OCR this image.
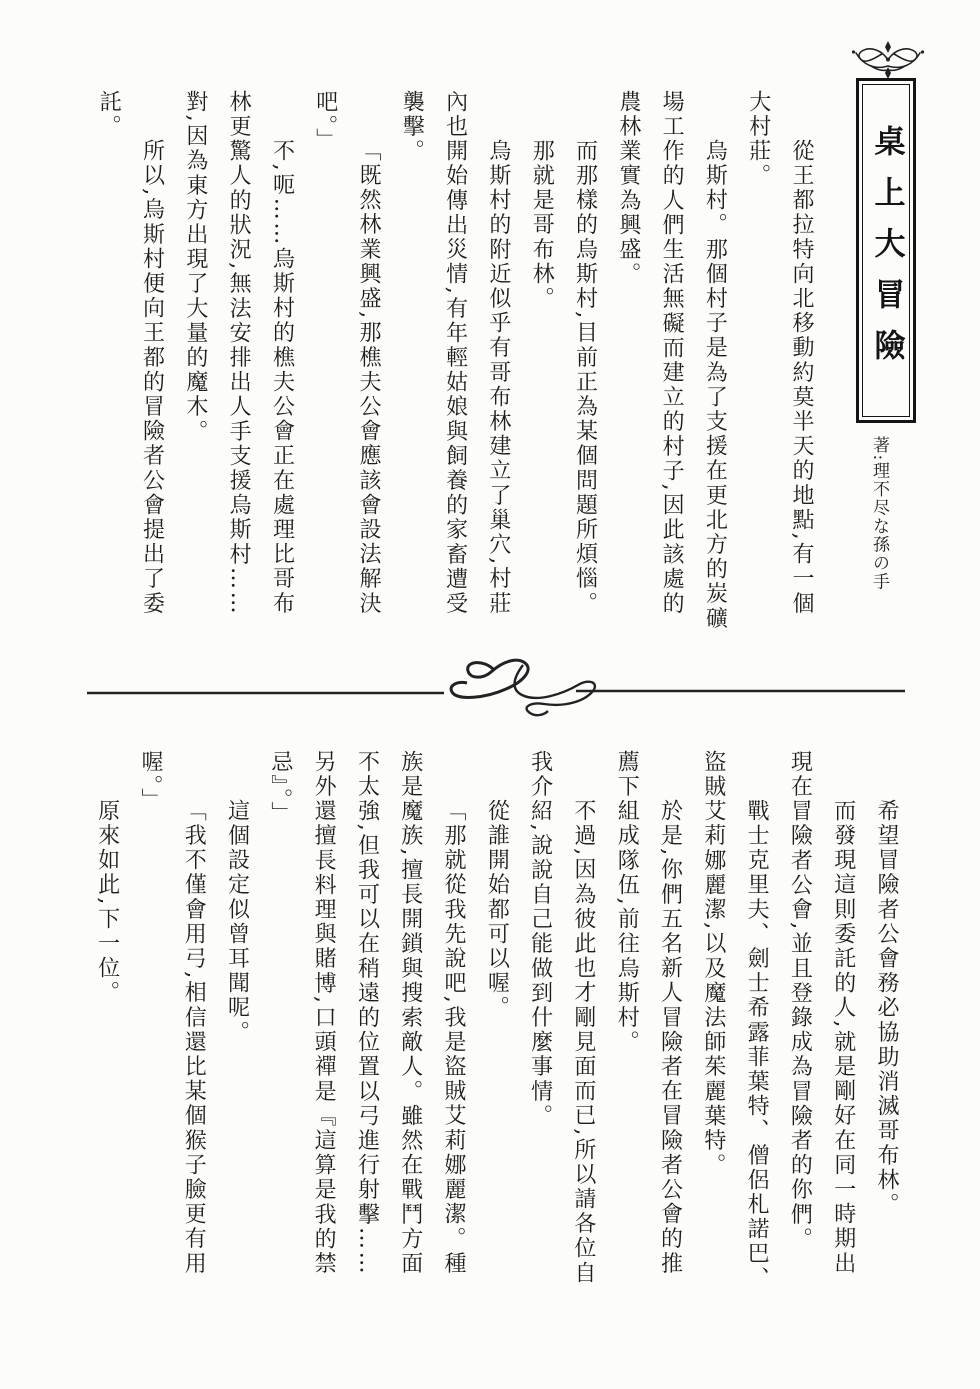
桌上大冒險
著:理不尽な孫の手

從王都拉特向北移動約莫半天的地點,有一個大村莊。

烏斯村。那個村子是為了支援在更北方的炭礦場工作的人們生活無礙而建立的村子,因此該處的農林業實為興盛。

而那樣的烏斯村,目前正為某個問題所煩惱。

那就是哥布林。

烏斯村的附近似乎有哥布林建立了巢穴,村莊內也開始傳出災情,有年輕姑娘與飼養的家畜遭受襲擊。

「既然林業興盛,那樵夫公會應該會設法解決吧。」

不,呃……烏斯村的樵夫公會正在處理比哥布林更驚人的狀況,無法安排出人手支援烏斯村……對,因為東方出現了大量的魔木。

所以,烏斯村便向王都的冒險者公會提出了委託。

希望冒險者公會務必協助消滅哥布林。

而發現這則委託的人,就是剛好在同一時期出現在冒險者公會,並且登錄成為冒險者的你們。

戰士克里夫、劍士希露菲葉特、僧侶札諾巴、盜賊艾莉娜麗潔,以及魔法師茱麗葉特。

於是,你們五名新人冒險者在冒險者公會的推薦下組成隊伍,前往烏斯村。

不過,因為彼此也才剛見面而已,所以請各位自我介紹,說說自己能做到什麼事情。

從誰開始都可以喔。

「那就從我先說吧,我是盜賊艾莉娜麗潔。種族是魔族,擅長開鎖與搜索敵人。雖然在戰鬥方面不太強,但我可以在稍遠的位置以弓進行射擊……另外還擅長料理與賭博,口頭禪是『這算是我的禁忌』。」

這個設定似曾耳聞呢。

「我不僅會用弓,相信還比某個猴子臉更有用喔。」

原來如此,下一位。
